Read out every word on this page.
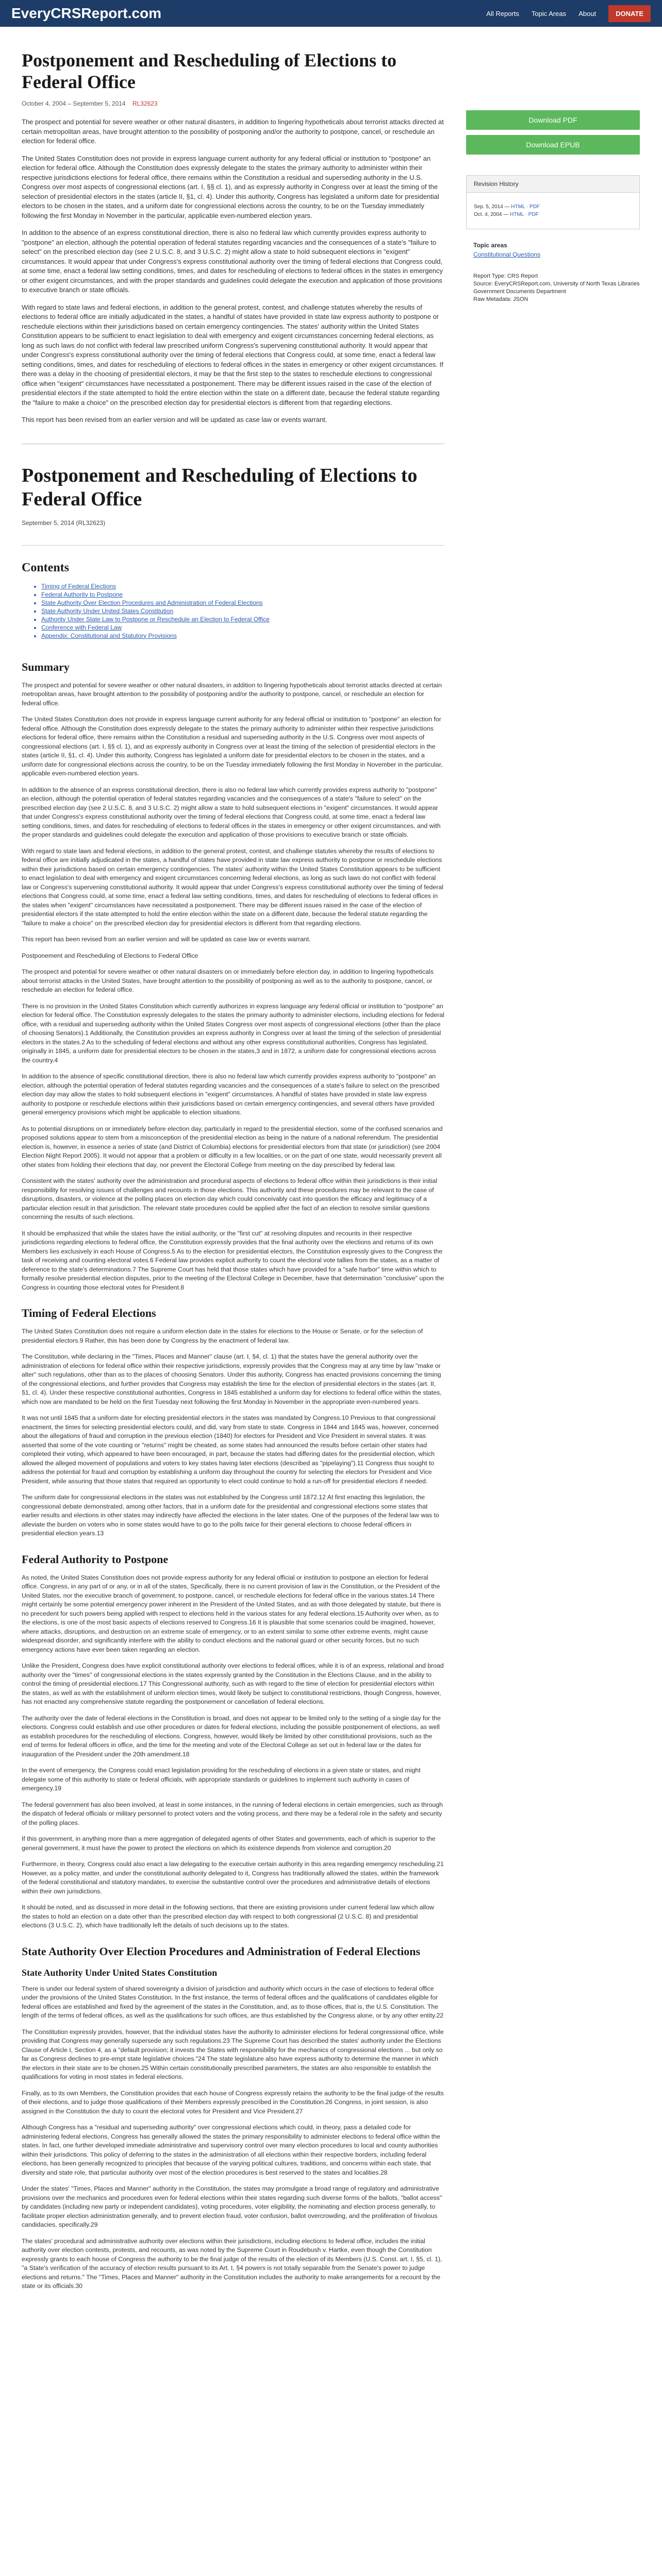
EveryCRSReport.com	All Reports Topic Areas About	DONATE
Postponement and Rescheduling of Elections to Federal Office
October 4, 2004 – September 5, 2014 RL32623

The prospect and potential for severe weather or other natural disasters, in addition to lingering hypotheticals about terrorist attacks directed at certain metropolitan areas, have brought attention to the possibility of postponing and/or the authority to postpone, cancel, or reschedule an election for federal office.

The United States Constitution does not provide in express language current authority for any federal official or institution to "postpone" an election for federal office. Although the Constitution does expressly delegate to the states the primary authority to administer within their respective jurisdictions elections for federal office, there remains within the Constitution a residual and superseding authority in the U.S. Congress over most aspects of congressional elections (art. I, §§ cl. 1), and as expressly authority in Congress over at least the timing of the selection of presidential electors in the states (article II, §1, cl. 4). Under this authority, Congress has legislated a uniform date for presidential electors to be chosen in the states, and a uniform date for congressional elections across the country, to be on the Tuesday immediately following the first Monday in November in the particular, applicable even-numbered election years.

In addition to the absence of an express constitutional direction, there is also no federal law which currently provides express authority to "postpone" an election, although the potential operation of federal statutes regarding vacancies and the consequences of a state's "failure to select" on the prescribed election day (see 2 U.S.C. 8, and 3 U.S.C. 2) might allow a state to hold subsequent elections in "exigent" circumstances. It would appear that under Congress's express constitutional authority over the timing of federal elections that Congress could, at some time, enact a federal law setting conditions, times, and dates for rescheduling of elections to federal offices in the states in emergency or other exigent circumstances, and with the proper standards and guidelines could delegate the execution and application of those provisions to executive branch or state officials.

With regard to state laws and federal elections, in addition to the general protest, contest, and challenge statutes whereby the results of elections to federal office are initially adjudicated in the states, a handful of states have provided in state law express authority to postpone or reschedule elections within their jurisdictions based on certain emergency contingencies. The states' authority within the United States Constitution appears to be sufficient to enact legislation to deal with emergency and exigent circumstances concerning federal elections, as long as such laws do not conflict with federal law prescribed uniform Congress's supervening constitutional authority. It would appear that under Congress's express constitutional authority over the timing of federal elections that Congress could, at some time, enact a federal law setting conditions, times, and dates for rescheduling of elections to federal offices in the states in emergency or other exigent circumstances. If there was a delay in the choosing of presidential electors, it may be that the first step to the states to reschedule elections to congressional office when "exigent" circumstances have necessitated a postponement. There may be different issues raised in the case of the election of presidential electors if the state attempted to hold the entire election within the state on a different date, because the federal statute regarding the "failure to make a choice" on the prescribed election day for presidential electors is different from that regarding elections.

This report has been revised from an earlier version and will be updated as case law or events warrant.

Postponement and Rescheduling of Elections to Federal Office
September 5, 2014 (RL32623)
Contents
• Timing of Federal Elections
• Federal Authority to Postpone
• State Authority Over Election Procedures and Administration of Federal Elections
• State Authority Under United States Constitution
• Authority Under State Law to Postpone or Reschedule an Election to Federal Office
• Conference with Federal Law
• Appendix: Constitutional and Statutory Provisions
Summary

The prospect and potential for severe weather or other natural disasters, in addition to lingering hypotheticals about terrorist attacks directed at certain metropolitan areas, have brought attention to the possibility of postponing and/or the authority to postpone, cancel, or reschedule an election for federal office.

The United States Constitution does not provide in express language current authority for any federal official or institution to "postpone" an election for federal office. Although the Constitution does expressly delegate to the states the primary authority to administer within their respective jurisdictions elections for federal office, there remains within the Constitution a residual and superseding authority in the U.S. Congress over most aspects of congressional elections (art. I, §§ cl. 1), and as expressly authority in Congress over at least the timing of the selection of presidential electors in the states (article II, §1, cl. 4). Under this authority, Congress has legislated a uniform date for presidential electors to be chosen in the states, and a uniform date for congressional elections across the country, to be on the Tuesday immediately following the first Monday in November in the particular, applicable even-numbered election years.

In addition to the absence of an express constitutional direction, there is also no federal law which currently provides express authority to "postpone" an election, although the potential operation of federal statutes regarding vacancies and the consequences of a state's "failure to select" on the prescribed election day (see 2 U.S.C. 8, and 3 U.S.C. 2) might allow a state to hold subsequent elections in "exigent" circumstances. It would appear that under Congress's express constitutional authority over the timing of federal elections that Congress could, at some time, enact a federal law setting conditions, times, and dates for rescheduling of elections to federal offices in the states in emergency or other exigent circumstances, and with the proper standards and guidelines could delegate the execution and application of those provisions to executive branch or state officials.

With regard to state laws and federal elections, in addition to the general protest, contest, and challenge statutes whereby the results of elections to federal office are initially adjudicated in the states, a handful of states have provided in state law express authority to postpone or reschedule elections within their jurisdictions based on certain emergency contingencies. The states' authority within the United States Constitution appears to be sufficient to enact legislation to deal with emergency and exigent circumstances concerning federal elections, as long as such laws do not conflict with federal law or Congress's supervening constitutional authority. It would appear that under Congress's express constitutional authority over the timing of federal elections that Congress could, at some time, enact a federal law setting conditions, times, and dates for rescheduling of elections to federal offices in the states when "exigent" circumstances have necessitated a postponement. There may be different issues raised in the case of the election of presidential electors if the state attempted to hold the entire election within the state on a different date, because the federal statute regarding the "failure to make a choice" on the prescribed election day for presidential electors is different from that regarding elections.

This report has been revised from an earlier version and will be updated as case law or events warrant.

Postponement and Rescheduling of Elections to Federal Office

The prospect and potential for severe weather or other natural disasters on or immediately before election day, in addition to lingering hypotheticals about terrorist attacks in the United States, have brought attention to the possibility of postponing as well as to the authority to postpone, cancel, or reschedule an election for federal office.

There is no provision in the United States Constitution which currently authorizes in express language any federal official or institution to "postpone" an election for federal office. The Constitution expressly delegates to the states the primary authority to administer elections, including elections for federal office, with a residual and superseding authority within the United States Congress over most aspects of congressional elections (other than the place of choosing Senators).1 Additionally, the Constitution provides an express authority in Congress over at least the timing of the selection of presidential electors in the states.2 As to the scheduling of federal elections and without any other express constitutional authorities, Congress has legislated, originally in 1845, a uniform date for presidential electors to be chosen in the states,3 and in 1872, a uniform date for congressional elections across the country.4

In addition to the absence of specific constitutional direction, there is also no federal law which currently provides express authority to "postpone" an election, although the potential operation of federal statutes regarding vacancies and the consequences of a state's failure to select on the prescribed election day may allow the states to hold subsequent elections in "exigent" circumstances. A handful of states have provided in state law express authority to postpone or reschedule elections within their jurisdictions based on certain emergency contingencies, and several others have provided general emergency provisions which might be applicable to election situations.

As to potential disruptions on or immediately before election day, particularly in regard to the presidential election, some of the confused scenarios and proposed solutions appear to stem from a misconception of the presidential election as being in the nature of a national referendum. The presidential election is, however, in essence a series of state (and District of Columbia) elections for presidential electors from that state (or jurisdiction) (see 2004 Election Night Report 2005). It would not appear that a problem or difficulty in a few localities, or on the part of one state, would necessarily prevent all other states from holding their elections that day, nor prevent the Electoral College from meeting on the day prescribed by federal law.

Consistent with the states' authority over the administration and procedural aspects of elections to federal office within their jurisdictions is their initial responsibility for resolving issues of challenges and recounts in those elections. This authority and these procedures may be relevant to the case of disruptions, disasters, or violence at the polling places on election day which could conceivably cast into question the efficacy and legitimacy of a particular election result in that jurisdiction. The relevant state procedures could be applied after the fact of an election to resolve similar questions concerning the results of such elections.

It should be emphasized that while the states have the initial authority, or the "first cut" at resolving disputes and recounts in their respective jurisdictions regarding elections to federal office, the Constitution expressly provides that the final authority over the elections and returns of its own Members lies exclusively in each House of Congress.5 As to the election for presidential electors, the Constitution expressly gives to the Congress the task of receiving and counting electoral votes.6 Federal law provides explicit authority to count the electoral vote tallies from the states, as a matter of deference to the state's determinations.7 The Supreme Court has held that those states which have provided for a "safe harbor" time within which to formally resolve presidential election disputes, prior to the meeting of the Electoral College in December, have that determination "conclusive" upon the Congress in counting those electoral votes for President.8

Timing of Federal Elections

The United States Constitution does not require a uniform election date in the states for elections to the House or Senate, or for the selection of presidential electors.9 Rather, this has been done by Congress by the enactment of federal law.

The Constitution, while declaring in the "Times, Places and Manner" clause (art. I, §4, cl. 1) that the states have the general authority over the administration of elections for federal office within their respective jurisdictions, expressly provides that the Congress may at any time by law "make or alter" such regulations, other than as to the places of choosing Senators. Under this authority, Congress has enacted provisions concerning the timing of the congressional elections, and further provides that Congress may establish the time for the election of presidential electors in the states (art. II, §1, cl. 4). Under these respective constitutional authorities, Congress in 1845 established a uniform day for elections to federal office within the states, which now are mandated to be held on the first Tuesday next following the first Monday in November in the appropriate even-numbered years.

It was not until 1845 that a uniform date for electing presidential electors in the states was mandated by Congress.10 Previous to that congressional enactment, the times for selecting presidential electors could, and did, vary from state to state. Congress in 1844 and 1845 was, however, concerned about the allegations of fraud and corruption in the previous election (1840) for electors for President and Vice President in several states. It was asserted that some of the vote counting or "returns" might be cheated, as some states had announced the results before certain other states had completed their voting, which appeared to have been encouraged, in part, because the states had differing dates for the presidential election, which allowed the alleged movement of populations and voters to key states having later elections (described as "pipelaying").11 Congress thus sought to address the potential for fraud and corruption by establishing a uniform day throughout the country for selecting the electors for President and Vice President, while assuring that those states that required an opportunity to elect could continue to hold a run-off for presidential electors if needed.

The uniform date for congressional elections in the states was not established by the Congress until 1872.12 At first enacting this legislation, the congressional debate demonstrated, among other factors, that in a uniform date for the presidential and congressional elections some states that earlier results and elections in other states may indirectly have affected the elections in the later states. One of the purposes of the federal law was to alleviate the burden on voters who in some states would have to go to the polls twice for their general elections to choose federal officers in presidential election years.13

Federal Authority to Postpone

As noted, the United States Constitution does not provide express authority for any federal official or institution to postpone an election for federal office. Congress, in any part of or any, or in all of the states, Specifically, there is no current provision of law in the Constitution, or the President of the United States, nor the executive branch of government, to postpone, cancel, or reschedule elections for federal office in the various states.14 There might certainly be some potential emergency power inherent in the President of the United States, and as with those delegated by statute, but there is no precedent for such powers being applied with respect to elections held in the various states for any federal elections.15 Authority over when, as to the elections, is one of the most basic aspects of elections reserved to Congress.16 It is plausible that some scenarios could be imagined, however, where attacks, disruptions, and destruction on an extreme scale of emergency, or to an extent similar to some other extreme events, might cause widespread disorder, and significantly interfere with the ability to conduct elections and the national guard or other security forces, but no such emergency actions have ever been taken regarding an election.

Unlike the President, Congress does have explicit constitutional authority over elections to federal offices, while it is of an express, relational and broad authority over the "times" of congressional elections in the states expressly granted by the Constitution in the Elections Clause, and in the ability to control the timing of presidential elections.17 This Congressional authority, such as with regard to the time of election for presidential electors within the states, as well as with the establishment of uniform election times, would likely be subject to constitutional restrictions, though Congress, however, has not enacted any comprehensive statute regarding the postponement or cancellation of federal elections.

The authority over the date of federal elections in the Constitution is broad, and does not appear to be limited only to the setting of a single day for the elections. Congress could establish and use other procedures or dates for federal elections, including the possible postponement of elections, as well as establish procedures for the rescheduling of elections. Congress, however, would likely be limited by other constitutional provisions, such as the end of terms for federal officers in office, and the time for the meeting and vote of the Electoral College as set out in federal law or the dates for inauguration of the President under the 20th amendment.18

In the event of emergency, the Congress could enact legislation providing for the rescheduling of elections in a given state or states, and might delegate some of this authority to state or federal officials, with appropriate standards or guidelines to implement such authority in cases of emergency.19

The federal government has also been involved, at least in some instances, in the running of federal elections in certain emergencies, such as through the dispatch of federal officials or military personnel to protect voters and the voting process, and there may be a federal role in the safety and security of the polling places.

If this government, in anything more than a mere aggregation of delegated agents of other States and governments, each of which is superior to the general government, it must have the power to protect the elections on which its existence depends from violence and corruption.20

Furthermore, in theory, Congress could also enact a law delegating to the executive certain authority in this area regarding emergency rescheduling.21 However, as a policy matter, and under the constitutional authority delegated to it, Congress has traditionally allowed the states, within the framework of the federal constitutional and statutory mandates, to exercise the substantive control over the procedures and administrative details of elections within their own jurisdictions.

It should be noted, and as discussed in more detail in the following sections, that there are existing provisions under current federal law which allow the states to hold an election on a date other than the prescribed election day with respect to both congressional (2 U.S.C. 8) and presidential elections (3 U.S.C. 2), which have traditionally left the details of such decisions up to the states.

State Authority Over Election Procedures and Administration of Federal Elections
State Authority Under United States Constitution

There is under our federal system of shared sovereignty a division of jurisdiction and authority which occurs in the case of elections to federal office under the provisions of the United States Constitution. In the first instance, the terms of federal offices and the qualifications of candidates eligible for federal offices are established and fixed by the agreement of the states in the Constitution, and, as to those offices, that is, the U.S. Constitution. The length of the terms of federal offices, as well as the qualifications for such offices, are thus established by the Congress alone, or by any other entity.22

The Constitution expressly provides, however, that the individual states have the authority to administer elections for federal congressional office, while providing that Congress may generally supersede any such regulations.23 The Supreme Court has described the states' authority under the Elections Clause of Article I, Section 4, as a "default provision; it invests the States with responsibility for the mechanics of congressional elections ... but only so far as Congress declines to pre-empt state legislative choices."24 The state legislature also have express authority to determine the manner in which the electors in their state are to be chosen.25 Within certain constitutionally prescribed parameters, the states are also responsible to establish the qualifications for voting in most states in federal elections.

Finally, as to its own Members, the Constitution provides that each house of Congress expressly retains the authority to be the final judge of the results of their elections, and to judge those qualifications of their Members expressly prescribed in the Constitution.26 Congress, in joint session, is also assigned in the Constitution the duty to count the electoral votes for President and Vice President.27

Although Congress has a "residual and superseding authority" over congressional elections which could, in theory, pass a detailed code for administering federal elections, Congress has generally allowed the states the primary responsibility to administer elections to federal office within the states. In fact, one further developed immediate administrative and supervisory control over many election procedures to local and county authorities within their jurisdictions. This policy of deferring to the states in the administration of all elections within their respective borders, including federal elections, has been generally recognized to principles that because of the varying political cultures, traditions, and concerns within each state, that diversity and state role, that particular authority over most of the election procedures is best reserved to the states and localities.28

Under the states' "Times, Places and Manner" authority in the Constitution, the states may promulgate a broad range of regulatory and administrative provisions over the mechanics and procedures even for federal elections within their states regarding such diverse forms of the ballots, "ballot access" by candidates (including new party or independent candidates), voting procedures, voter eligibility, the nominating and election process generally, to facilitate proper election administration generally, and to prevent election fraud, voter confusion, ballot overcrowding, and the proliferation of frivolous candidacies, specifically.29

The states' procedural and administrative authority over elections within their jurisdictions, including elections to federal office, includes the initial authority over election contests, protests, and recounts, as was noted by the Supreme Court in Roudebush v. Hartke, even though the Constitution expressly grants to each house of Congress the authority to be the final judge of the results of the election of its Members (U.S. Const. art. I, §5, cl. 1), "a State's verification of the accuracy of election results pursuant to its Art. I, §4 powers is not totally separable from the Senate's power to judge elections and returns." The "Times, Places and Manner" authority in the Constitution includes the authority to make arrangements for a recount by the state or its officials.30

Download PDF
Download EPUB
Revision History
Sep. 5, 2014 — HTML · PDF
Oct. 4, 2004 — HTML · PDF
Topic areas
Constitutional Questions
Report Type: CRS Report
Source: EveryCRSReport.com, University of North Texas Libraries Government Documents Department
Raw Metadata: JSON
